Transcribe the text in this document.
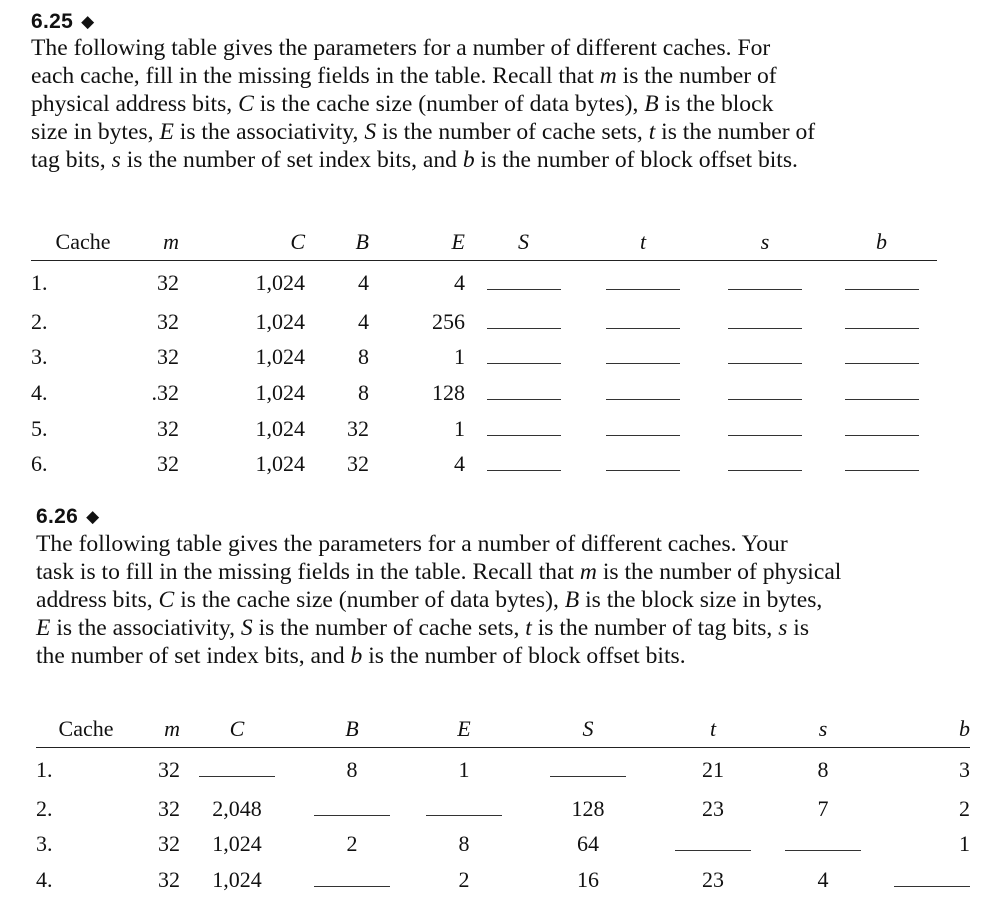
6.25 ◆

The following table gives the parameters for a number of different caches. For

each cache, fill in the missing fields in the table. Recall that m is the number of

physical address bits, C is the cache size (number of data bytes), B is the block

size in bytes, E is the associativity, S is the number of cache sets, t is the number of

tag bits, s is the number of set index bits, and b is the number of block offset bits.

Cache	m	C	B	E	S	t	s	b
1.	32	1,024	4	4				
2.	32	1,024	4	256				
3.	32	1,024	8	1				
4.	.32	1,024	8	128				
5.	32	1,024	32	1				
6.	32	1,024	32	4				
6.26 ◆

The following table gives the parameters for a number of different caches. Your

task is to fill in the missing fields in the table. Recall that m is the number of physical

address bits, C is the cache size (number of data bytes), B is the block size in bytes,

E is the associativity, S is the number of cache sets, t is the number of tag bits, s is

the number of set index bits, and b is the number of block offset bits.

Cache	m	C	B	E	S	t	s	b
1.	32		8	1		21	8	3
2.	32	2,048			128	23	7	2
3.	32	1,024	2	8	64			1
4.	32	1,024		2	16	23	4	
